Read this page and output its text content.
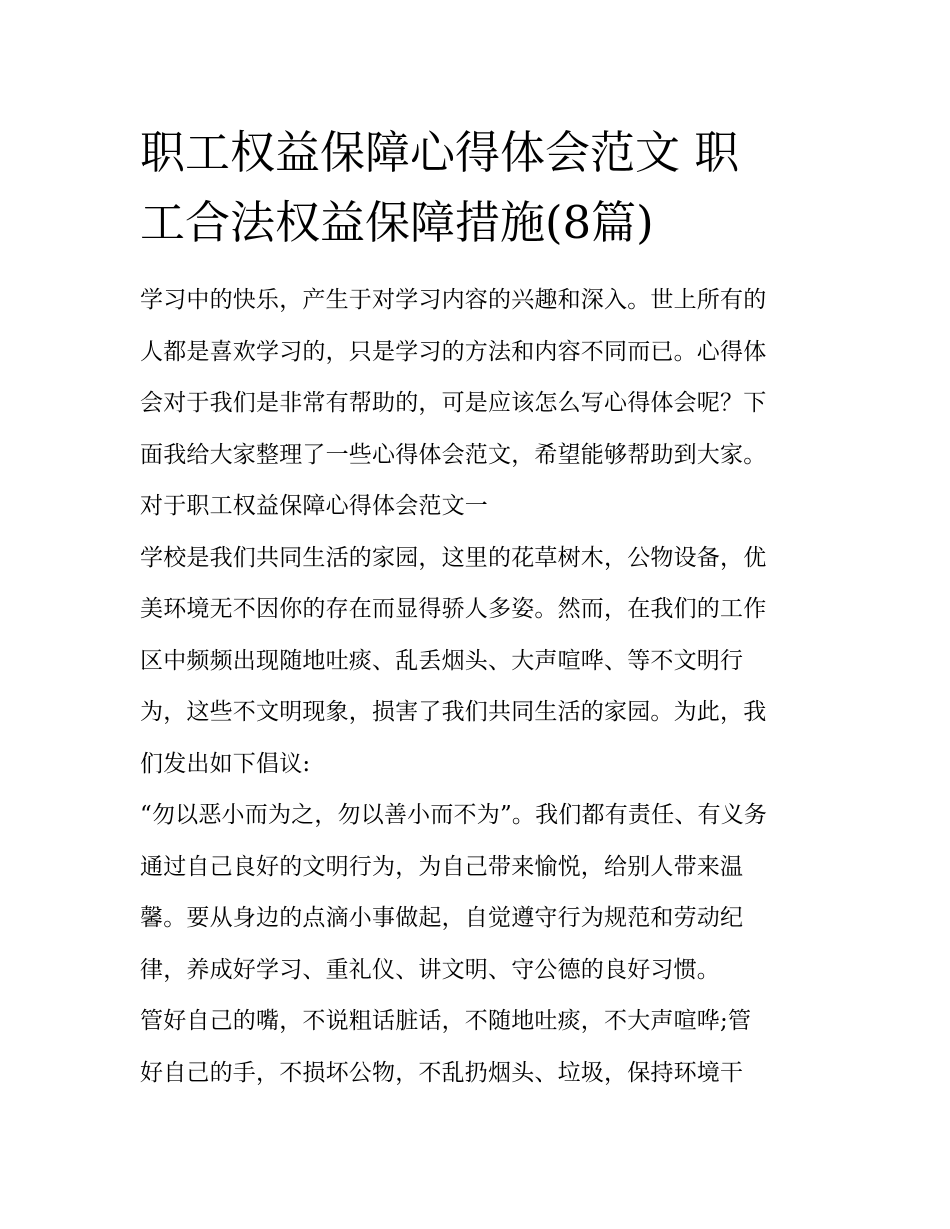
职工权益保障心得体会范文 职
工合法权益保障措施(8篇)
学习中的快乐，产生于对学习内容的兴趣和深入。世上所有的
人都是喜欢学习的，只是学习的方法和内容不同而已。心得体
会对于我们是非常有帮助的，可是应该怎么写心得体会呢？下
面我给大家整理了一些心得体会范文，希望能够帮助到大家。
对于职工权益保障心得体会范文一
学校是我们共同生活的家园，这里的花草树木，公物设备，优
美环境无不因你的存在而显得骄人多姿。然而，在我们的工作
区中频频出现随地吐痰、乱丢烟头、大声喧哗、等不文明行
为，这些不文明现象，损害了我们共同生活的家园。为此，我
们发出如下倡议:
“勿以恶小而为之，勿以善小而不为”。我们都有责任、有义务
通过自己良好的文明行为，为自己带来愉悦，给别人带来温
馨。要从身边的点滴小事做起，自觉遵守行为规范和劳动纪
律，养成好学习、重礼仪、讲文明、守公德的良好习惯。
管好自己的嘴，不说粗话脏话，不随地吐痰，不大声喧哗;管
好自己的手，不损坏公物，不乱扔烟头、垃圾，保持环境干
